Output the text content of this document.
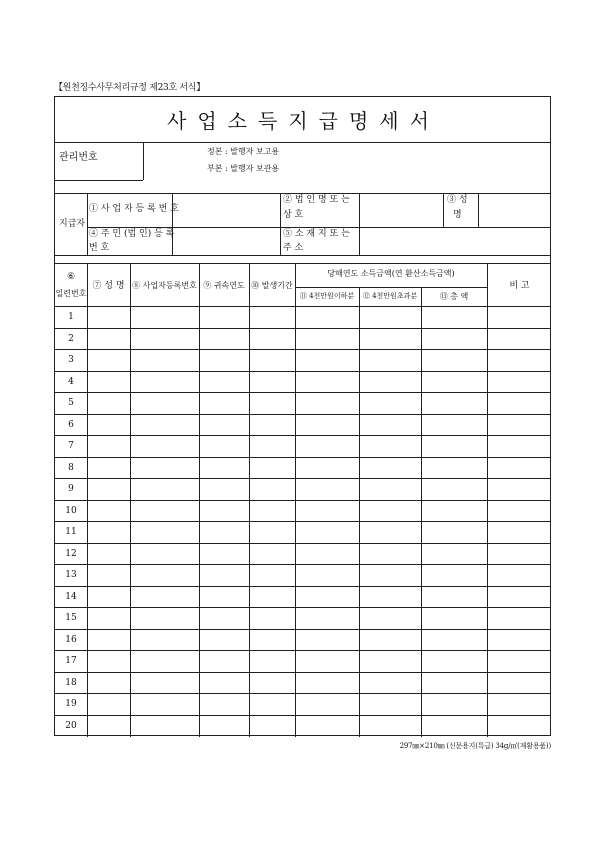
【원천징수사무처리규정 제23호 서식】
사업소득지급명세서
관리번호
정본 : 발행자 보고용
부본 : 발행자 보관용
지급자
① 사 업 자 등 록 번 호
② 법 인 명 또 는
상 호
③ 성
명
④ 주 민 (법 인) 등 록
번 호
⑤ 소 재 지 또 는
주 소
⑥
일련번호
⑦ 성 명 ⑧ 사업자등록번호 ⑨ 귀속연도 ⑩ 발생기간
당해연도 소득금액(연 환산소득금액)
⑪ 4천만원이하분	⑫ 4천만원초과분	⑬ 총 액
비 고
1
2
3
4
5
6
7
8
9
10
11
12
13
14
15
16
17
18
19
20
297㎜×210㎜ (신문용지(특급) 34g/㎡(재활용품))
